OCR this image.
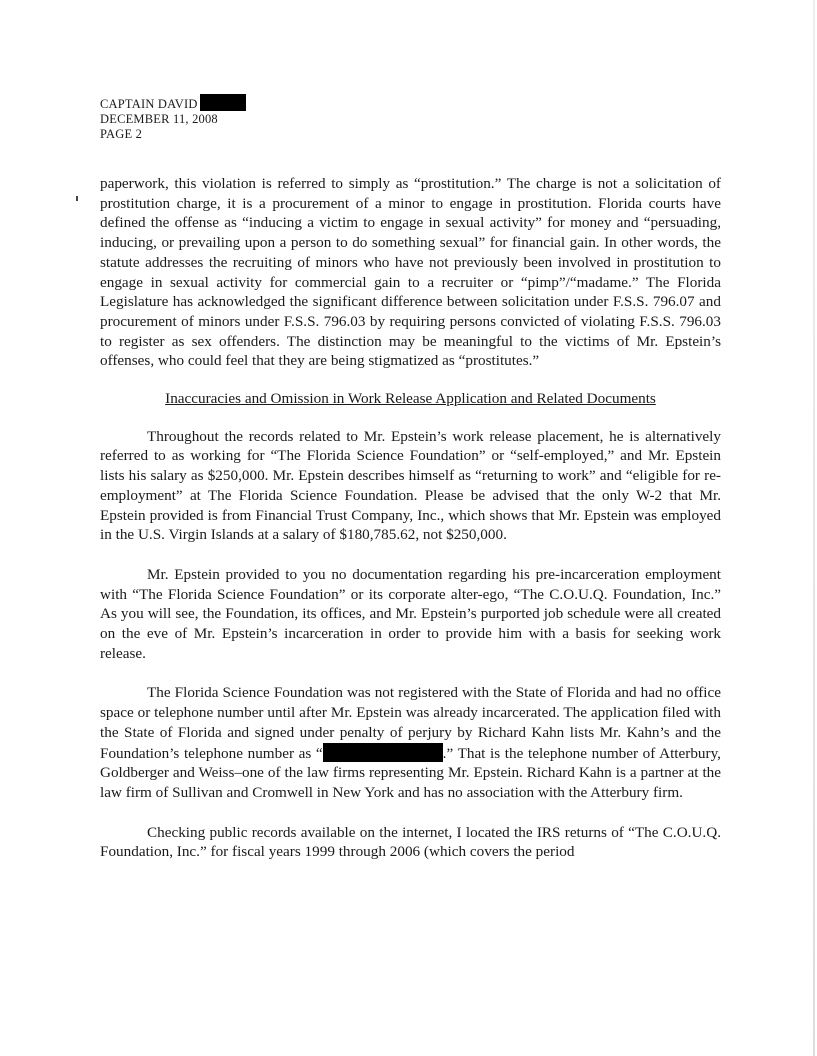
CAPTAIN DAVID
DECEMBER 11, 2008
PAGE 2

paperwork, this violation is referred to simply as “prostitution.” The charge is not a solicitation of prostitution charge, it is a procurement of a minor to engage in prostitution. Florida courts have defined the offense as “inducing a victim to engage in sexual activity” for money and “persuading, inducing, or prevailing upon a person to do something sexual” for financial gain. In other words, the statute addresses the recruiting of minors who have not previously been involved in prostitution to engage in sexual activity for commercial gain to a recruiter or “pimp”/“madame.” The Florida Legislature has acknowledged the significant difference between solicitation under F.S.S. 796.07 and procurement of minors under F.S.S. 796.03 by requiring persons convicted of violating F.S.S. 796.03 to register as sex offenders. The distinction may be meaningful to the victims of Mr. Epstein’s offenses, who could feel that they are being stigmatized as “prostitutes.”

Inaccuracies and Omission in Work Release Application and Related Documents

Throughout the records related to Mr. Epstein’s work release placement, he is alternatively referred to as working for “The Florida Science Foundation” or “self-employed,” and Mr. Epstein lists his salary as $250,000. Mr. Epstein describes himself as “returning to work” and “eligible for re-employment” at The Florida Science Foundation. Please be advised that the only W-2 that Mr. Epstein provided is from Financial Trust Company, Inc., which shows that Mr. Epstein was employed in the U.S. Virgin Islands at a salary of $180,785.62, not $250,000.

Mr. Epstein provided to you no documentation regarding his pre-incarceration employment with “The Florida Science Foundation” or its corporate alter-ego, “The C.O.U.Q. Foundation, Inc.” As you will see, the Foundation, its offices, and Mr. Epstein’s purported job schedule were all created on the eve of Mr. Epstein’s incarceration in order to provide him with a basis for seeking work release.

The Florida Science Foundation was not registered with the State of Florida and had no office space or telephone number until after Mr. Epstein was already incarcerated. The application filed with the State of Florida and signed under penalty of perjury by Richard Kahn lists Mr. Kahn’s and the Foundation’s telephone number as “	.” That is the telephone number of Atterbury, Goldberger and Weiss–one of the law firms representing Mr. Epstein. Richard Kahn is a partner at the law firm of Sullivan and Cromwell in New York and has no association with the Atterbury firm.

Checking public records available on the internet, I located the IRS returns of “The C.O.U.Q. Foundation, Inc.” for fiscal years 1999 through 2006 (which covers the period
